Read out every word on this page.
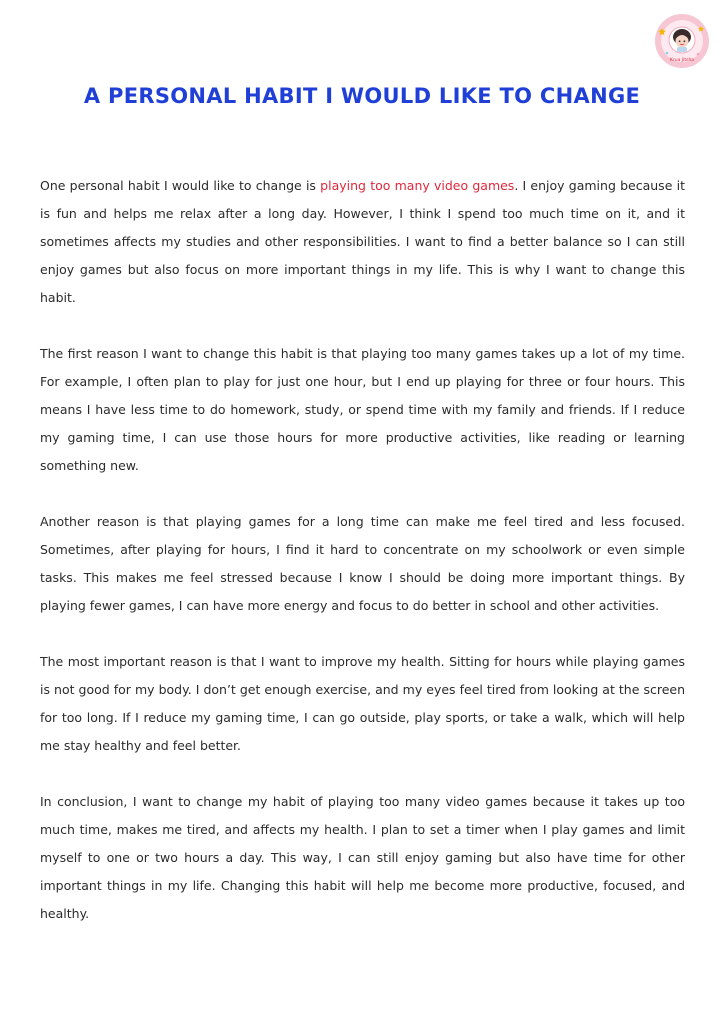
Krua Jitsha
A PERSONAL HABIT I WOULD LIKE TO CHANGE

One personal habit I would like to change is playing too many video games. I enjoy gaming because it is fun and helps me relax after a long day. However, I think I spend too much time on it, and it sometimes affects my studies and other responsibilities. I want to find a better balance so I can still enjoy games but also focus on more important things in my life. This is why I want to change this habit.

The first reason I want to change this habit is that playing too many games takes up a lot of my time. For example, I often plan to play for just one hour, but I end up playing for three or four hours. This means I have less time to do homework, study, or spend time with my family and friends. If I reduce my gaming time, I can use those hours for more productive activities, like reading or learning something new.

Another reason is that playing games for a long time can make me feel tired and less focused. Sometimes, after playing for hours, I find it hard to concentrate on my schoolwork or even simple tasks. This makes me feel stressed because I know I should be doing more important things. By playing fewer games, I can have more energy and focus to do better in school and other activities.

The most important reason is that I want to improve my health. Sitting for hours while playing games is not good for my body. I don’t get enough exercise, and my eyes feel tired from looking at the screen for too long. If I reduce my gaming time, I can go outside, play sports, or take a walk, which will help me stay healthy and feel better.

In conclusion, I want to change my habit of playing too many video games because it takes up too much time, makes me tired, and affects my health. I plan to set a timer when I play games and limit myself to one or two hours a day. This way, I can still enjoy gaming but also have time for other important things in my life. Changing this habit will help me become more productive, focused, and healthy.
